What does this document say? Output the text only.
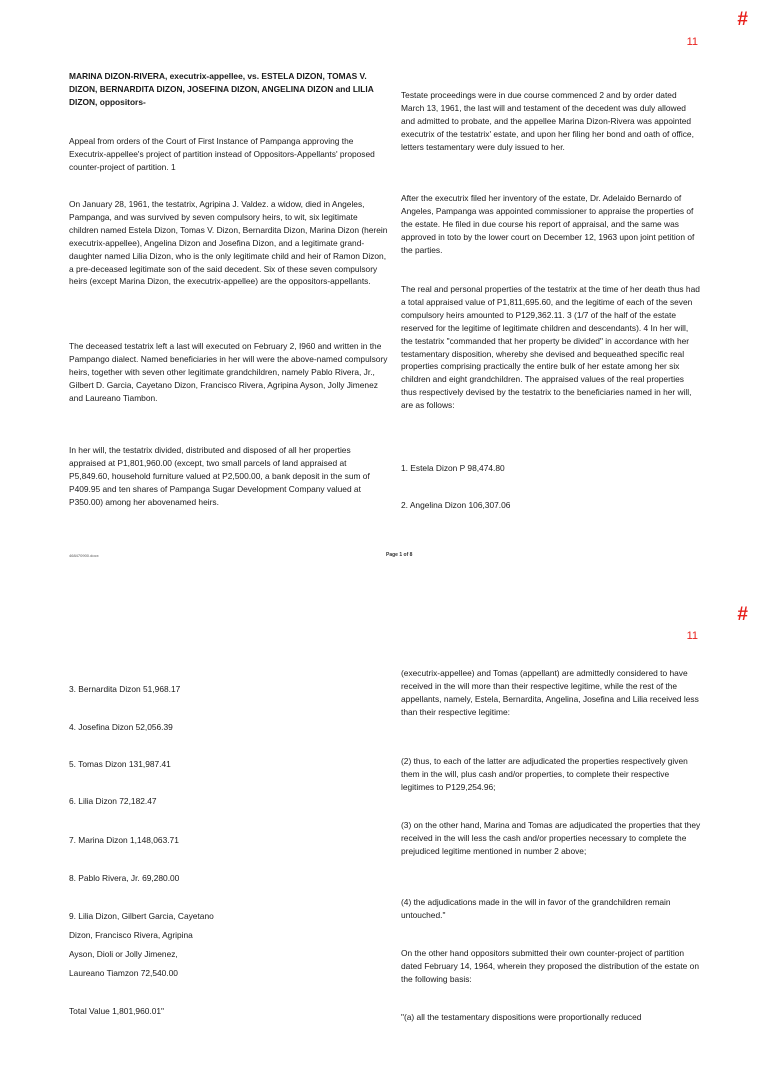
#
11

MARINA DIZON-RIVERA, executrix-appellee, vs. ESTELA DIZON, TOMAS V. DIZON, BERNARDITA DIZON, JOSEFINA DIZON, ANGELINA DIZON and LILIA DIZON, oppositors-

Appeal from orders of the Court of First Instance of Pampanga approving the Executrix-appellee's project of partition instead of Oppositors-Appellants' proposed counter-project of partition. 1

On January 28, 1961, the testatrix, Agripina J. Valdez. a widow, died in Angeles, Pampanga, and was survived by seven compulsory heirs, to wit, six legitimate children named Estela Dizon, Tomas V. Dizon, Bernardita Dizon, Marina Dizon (herein executrix-appellee), Angelina Dizon and Josefina Dizon, and a legitimate grand-daughter named Lilia Dizon, who is the only legitimate child and heir of Ramon Dizon, a pre-deceased legitimate son of the said decedent. Six of these seven compulsory heirs (except Marina Dizon, the executrix-appellee) are the oppositors-appellants.

The deceased testatrix left a last will executed on February 2, I960 and written in the Pampango dialect. Named beneficiaries in her will were the above-named compulsory heirs, together with seven other legitimate grandchildren, namely Pablo Rivera, Jr., Gilbert D. Garcia, Cayetano Dizon, Francisco Rivera, Agripina Ayson, Jolly Jimenez and Laureano Tiambon.

In her will, the testatrix divided, distributed and disposed of all her properties appraised at P1,801,960.00 (except, two small parcels of land appraised at P5,849.60, household furniture valued at P2,500.00, a bank deposit in the sum of P409.95 and ten shares of Pampanga Sugar Development Company valued at P350.00) among her abovenamed heirs.

Testate proceedings were in due course commenced 2 and by order dated March 13, 1961, the last will and testament of the decedent was duly allowed and admitted to probate, and the appellee Marina Dizon-Rivera was appointed executrix of the testatrix' estate, and upon her filing her bond and oath of office, letters testamentary were duly issued to her.

After the executrix filed her inventory of the estate, Dr. Adelaido Bernardo of Angeles, Pampanga was appointed commissioner to appraise the properties of the estate. He filed in due course his report of appraisal, and the same was approved in toto by the lower court on December 12, 1963 upon joint petition of the parties.

The real and personal properties of the testatrix at the time of her death thus had a total appraised value of P1,811,695.60, and the legitime of each of the seven compulsory heirs amounted to P129,362.11. 3 (1/7 of the half of the estate reserved for the legitime of legitimate children and descendants). 4 In her will, the testatrix "commanded that her property be divided" in accordance with her testamentary disposition, whereby she devised and bequeathed specific real properties comprising practically the entire bulk of her estate among her six children and eight grandchildren. The appraised values of the real properties thus respectively devised by the testatrix to the beneficiaries named in her will, are as follows:

1. Estela Dizon P 98,474.80

2. Angelina Dizon 106,307.06

468470900.docx	Page 1 of 8
#
11

3. Bernardita Dizon 51,968.17

4. Josefina Dizon 52,056.39

5. Tomas Dizon 131,987.41

6. Lilia Dizon 72,182.47

7. Marina Dizon 1,148,063.71

8. Pablo Rivera, Jr. 69,280.00

9. Lilia Dizon, Gilbert Garcia, Cayetano

Dizon, Francisco Rivera, Agripina

Ayson, Dioli or Jolly Jimenez,

Laureano Tiamzon 72,540.00

Total Value 1,801,960.01"

(executrix-appellee) and Tomas (appellant) are admittedly considered to have received in the will more than their respective legitime, while the rest of the appellants, namely, Estela, Bernardita, Angelina, Josefina and Lilia received less than their respective legitime:

(2) thus, to each of the latter are adjudicated the properties respectively given them in the will, plus cash and/or properties, to complete their respective legitimes to P129,254.96;

(3) on the other hand, Marina and Tomas are adjudicated the properties that they received in the will less the cash and/or properties necessary to complete the prejudiced legitime mentioned in number 2 above;

(4) the adjudications made in the will in favor of the grandchildren remain untouched."

On the other hand oppositors submitted their own counter-project of partition dated February 14, 1964, wherein they proposed the distribution of the estate on the following basis:

"(a) all the testamentary dispositions were proportionally reduced
